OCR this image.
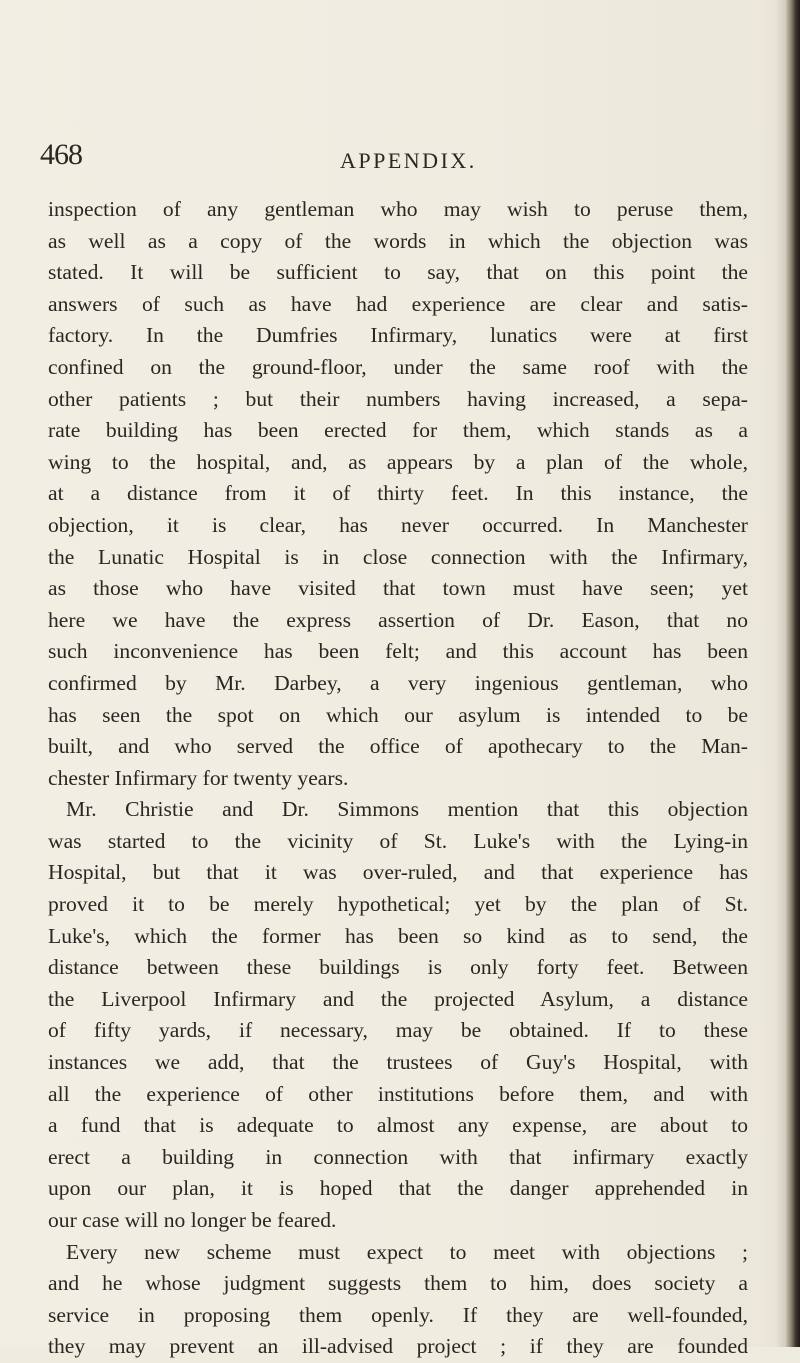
468	APPENDIX.
inspection of any gentleman who may wish to peruse them,
as well as a copy of the words in which the objection was
stated. It will be sufficient to say, that on this point the
answers of such as have had experience are clear and satis-
factory. In the Dumfries Infirmary, lunatics were at first
confined on the ground-floor, under the same roof with the
other patients ; but their numbers having increased, a sepa-
rate building has been erected for them, which stands as a
wing to the hospital, and, as appears by a plan of the whole,
at a distance from it of thirty feet. In this instance, the
objection, it is clear, has never occurred. In Manchester
the Lunatic Hospital is in close connection with the Infirmary,
as those who have visited that town must have seen; yet
here we have the express assertion of Dr. Eason, that no
such inconvenience has been felt; and this account has been
confirmed by Mr. Darbey, a very ingenious gentleman, who
has seen the spot on which our asylum is intended to be
built, and who served the office of apothecary to the Man-
chester Infirmary for twenty years.
Mr. Christie and Dr. Simmons mention that this objection
was started to the vicinity of St. Luke's with the Lying-in
Hospital, but that it was over-ruled, and that experience has
proved it to be merely hypothetical; yet by the plan of St.
Luke's, which the former has been so kind as to send, the
distance between these buildings is only forty feet. Between
the Liverpool Infirmary and the projected Asylum, a distance
of fifty yards, if necessary, may be obtained. If to these
instances we add, that the trustees of Guy's Hospital, with
all the experience of other institutions before them, and with
a fund that is adequate to almost any expense, are about to
erect a building in connection with that infirmary exactly
upon our plan, it is hoped that the danger apprehended in
our case will no longer be feared.
Every new scheme must expect to meet with objections ;
and he whose judgment suggests them to him, does society a
service in proposing them openly. If they are well-founded,
they may prevent an ill-advised project ; if they are founded
